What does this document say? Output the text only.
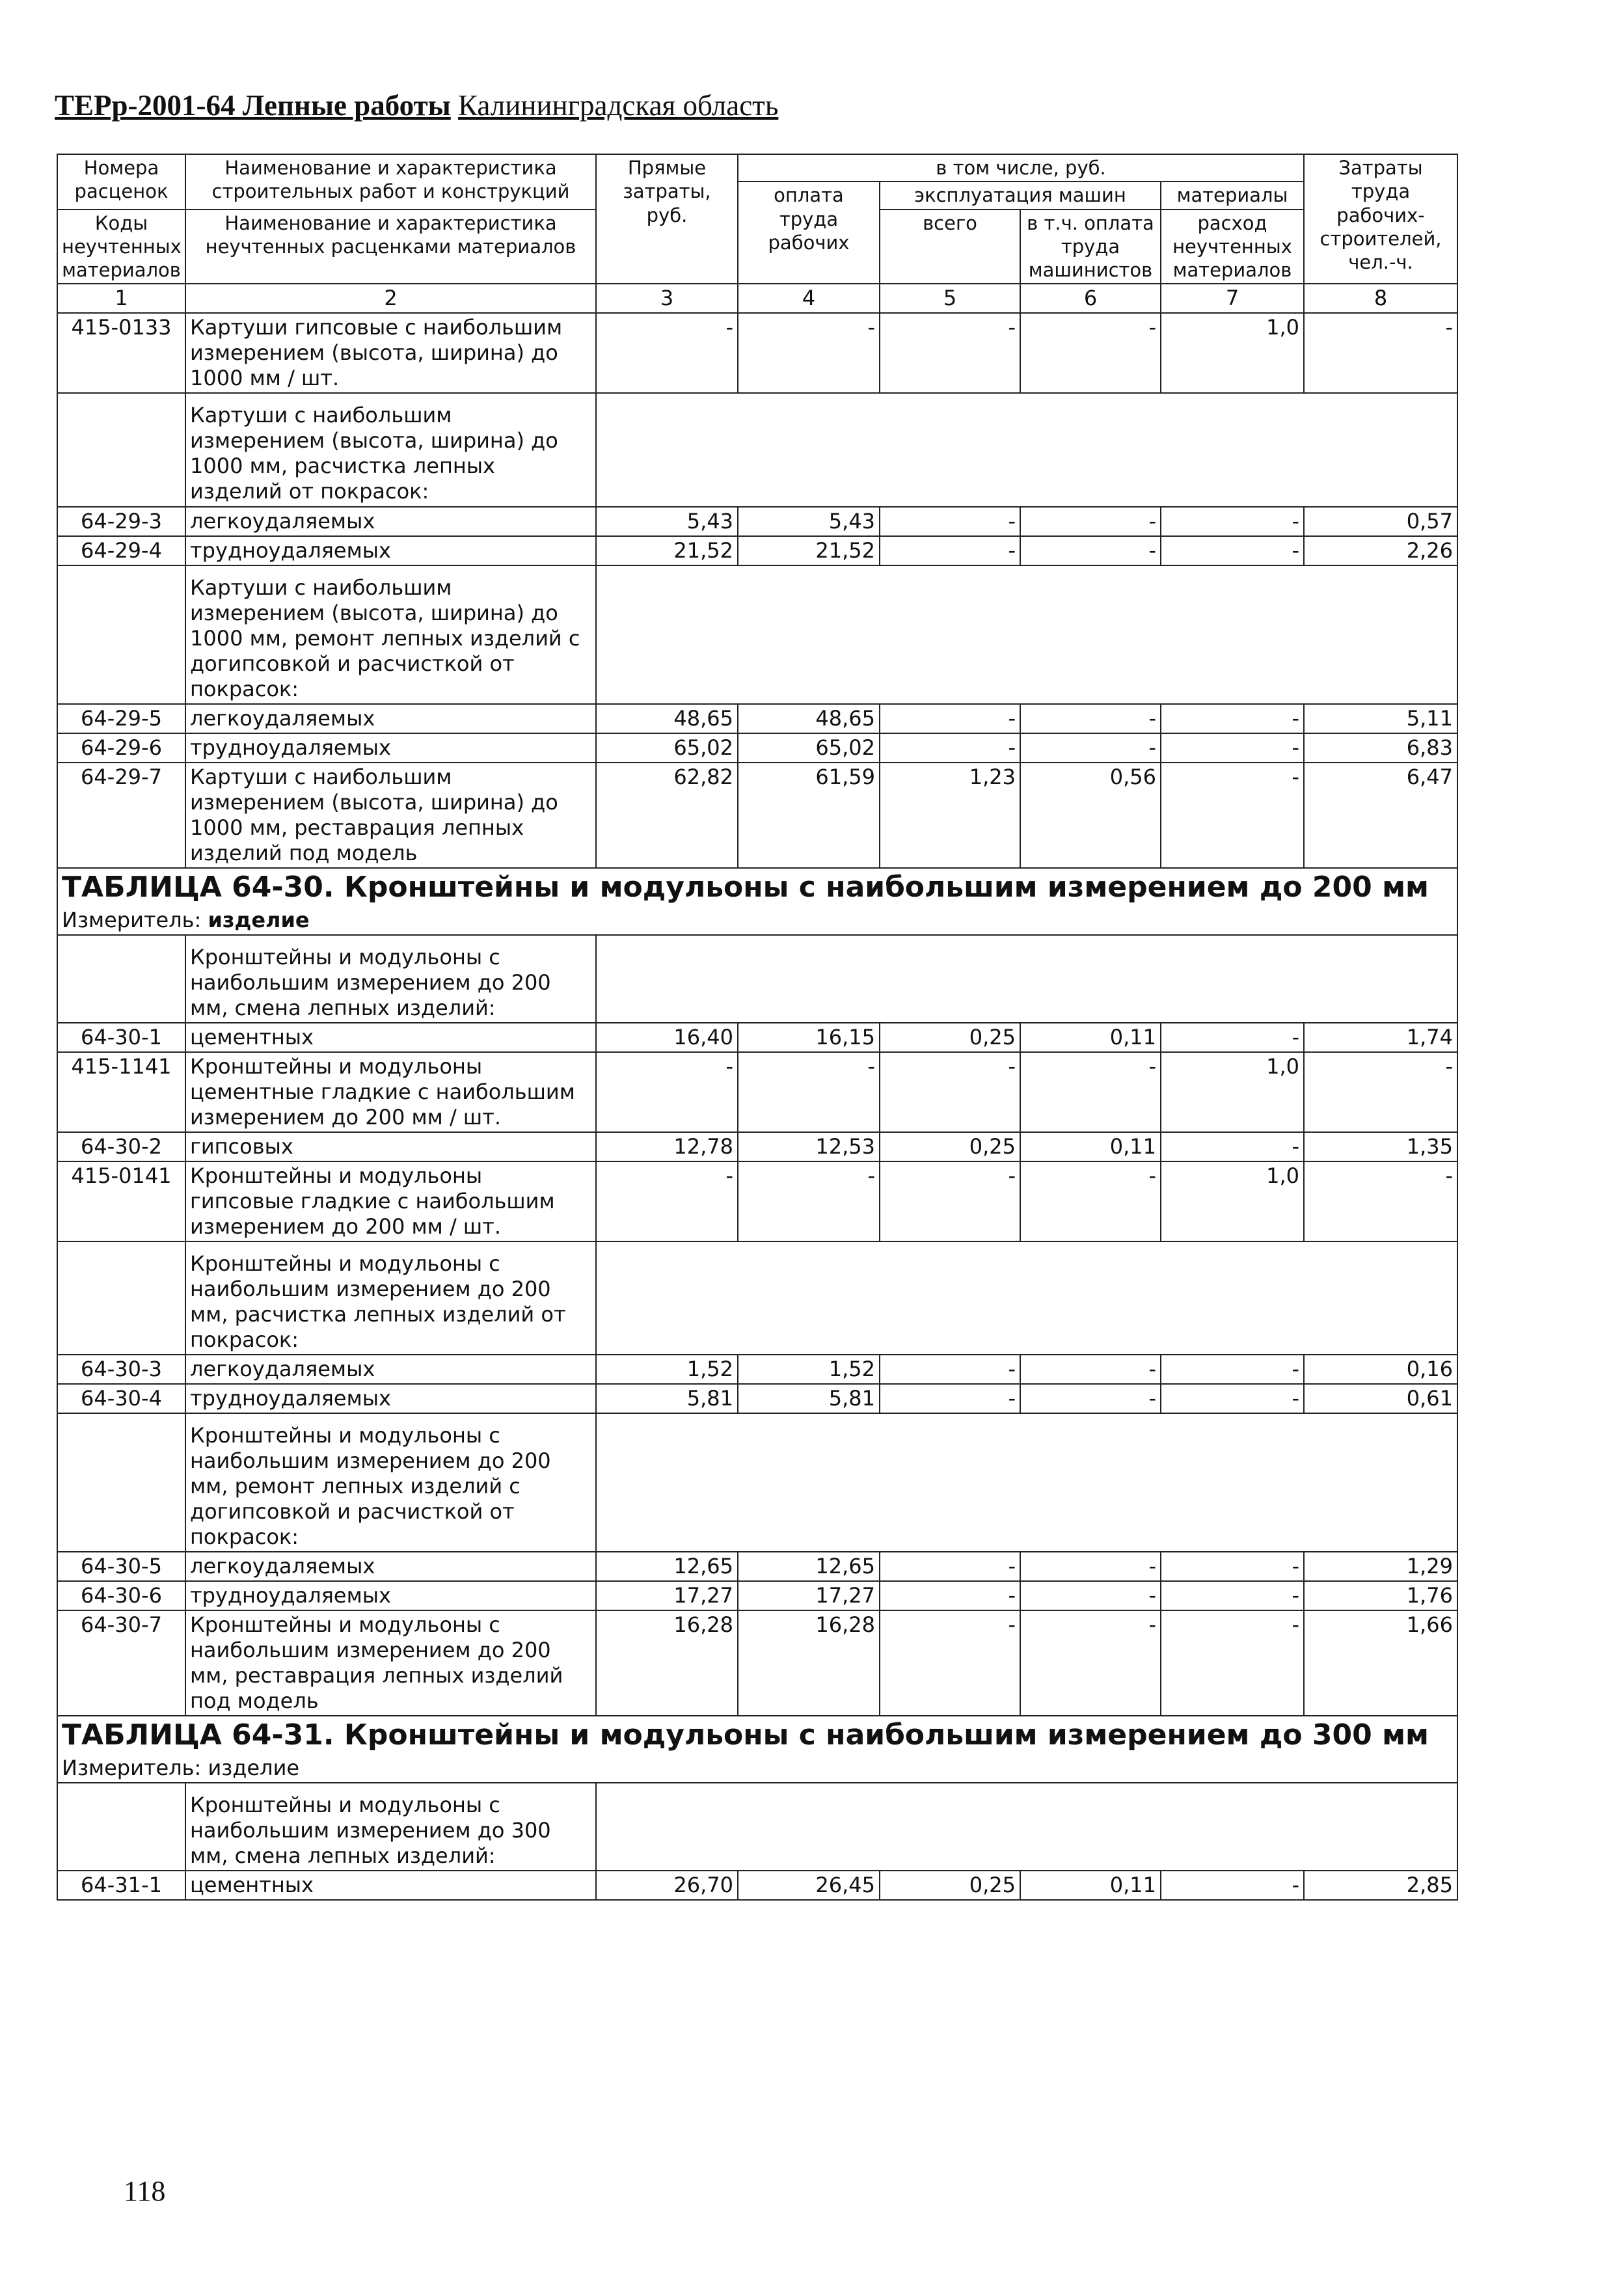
ТЕРр-2001-64 Лепные работы Калининградская область
Номера расценок	Наименование и характеристика строительных работ и конструкций	Прямые затраты, руб.	в том числе, руб.				Затраты труда рабочих-строителей, чел.-ч.
			оплата труда рабочих	эксплуатация машин		материалы	
Коды неучтенных материалов	Наименование и характеристика неучтенных расценками материалов			всего	в т.ч. оплата труда машинистов	расход неучтенных материалов	

1	2	3	4	5	6	7	8
415-0133	Картуши гипсовые с наибольшим измерением (высота, ширина) до 1000 мм / шт.	-	-	-	-	1,0	-
	Картуши с наибольшим измерением (высота, ширина) до 1000 мм, расчистка лепных изделий от покрасок:						
64-29-3	легкоудаляемых	5,43	5,43	-	-	-	0,57
64-29-4	трудноудаляемых	21,52	21,52	-	-	-	2,26
	Картуши с наибольшим измерением (высота, ширина) до 1000 мм, ремонт лепных изделий с догипсовкой и расчисткой от покрасок:						
64-29-5	легкоудаляемых	48,65	48,65	-	-	-	5,11
64-29-6	трудноудаляемых	65,02	65,02	-	-	-	6,83
64-29-7	Картуши с наибольшим измерением (высота, ширина) до 1000 мм, реставрация лепных изделий под модель	62,82	61,59	1,23	0,56	-	6,47
ТАБЛИЦА 64-30. Кронштейны и модульоны с наибольшим измерением до 200 мм							
Измеритель: изделие							
	Кронштейны и модульоны с наибольшим измерением до 200 мм, смена лепных изделий:						
64-30-1	цементных	16,40	16,15	0,25	0,11	-	1,74
415-1141	Кронштейны и модульоны цементные гладкие с наибольшим измерением до 200 мм / шт.	-	-	-	-	1,0	-
64-30-2	гипсовых	12,78	12,53	0,25	0,11	-	1,35
415-0141	Кронштейны и модульоны гипсовые гладкие с наибольшим измерением до 200 мм / шт.	-	-	-	-	1,0	-
	Кронштейны и модульоны с наибольшим измерением до 200 мм, расчистка лепных изделий от покрасок:						
64-30-3	легкоудаляемых	1,52	1,52	-	-	-	0,16
64-30-4	трудноудаляемых	5,81	5,81	-	-	-	0,61
	Кронштейны и модульоны с наибольшим измерением до 200 мм, ремонт лепных изделий с догипсовкой и расчисткой от покрасок:						
64-30-5	легкоудаляемых	12,65	12,65	-	-	-	1,29
64-30-6	трудноудаляемых	17,27	17,27	-	-	-	1,76
64-30-7	Кронштейны и модульоны с наибольшим измерением до 200 мм, реставрация лепных изделий под модель	16,28	16,28	-	-	-	1,66
ТАБЛИЦА 64-31. Кронштейны и модульоны с наибольшим измерением до 300 мм							
Измеритель: изделие							
	Кронштейны и модульоны с наибольшим измерением до 300 мм, смена лепных изделий:						
64-31-1	цементных	26,70	26,45	0,25	0,11	-	2,85
118
